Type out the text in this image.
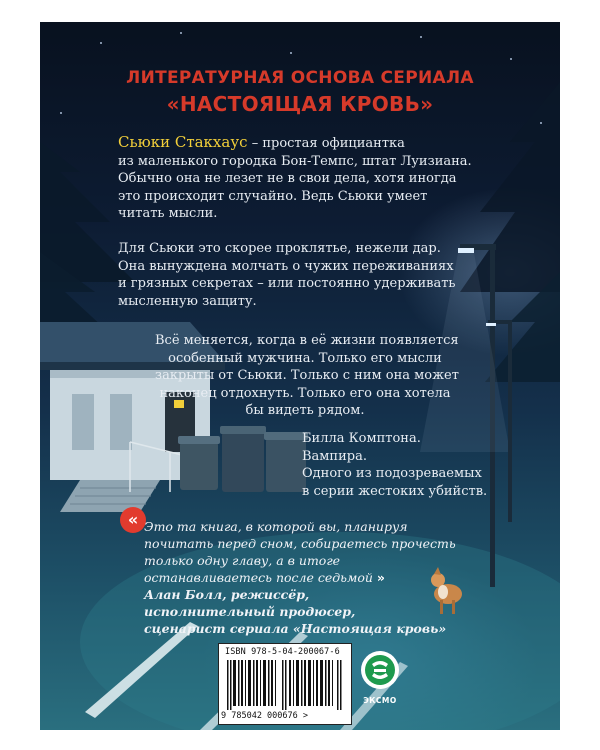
ЛИТЕРАТУРНАЯ ОСНОВА СЕРИАЛА
«НАСТОЯЩАЯ КРОВЬ»

Сьюки Стакхаус – простая официантка
из маленького городка Бон-Темпс, штат Луизиана.
Обычно она не лезет не в свои дела, хотя иногда
это происходит случайно. Ведь Сьюки умеет
читать мысли.

Для Сьюки это скорее проклятье, нежели дар.
Она вынуждена молчать о чужих переживаниях
и грязных секретах – или постоянно удерживать
мысленную защиту.

Всё меняется, когда в её жизни появляется
особенный мужчина. Только его мысли
закрыты от Сьюки. Только с ним она может
наконец отдохнуть. Только его она хотела
бы видеть рядом.

Билла Комптона.
Вампира.
Одного из подозреваемых
в серии жестоких убийств.

« Это та книга, в которой вы, планируя
почитать перед сном, собираетесь прочесть
только одну главу, а в итоге
останавливаетесь после седьмой »
Алан Болл, режиссёр,
исполнительный продюсер,
сценарист сериала «Настоящая кровь»
ISBN 978-5-04-200067-6
9 785042 000676 >
ЭКСМО
